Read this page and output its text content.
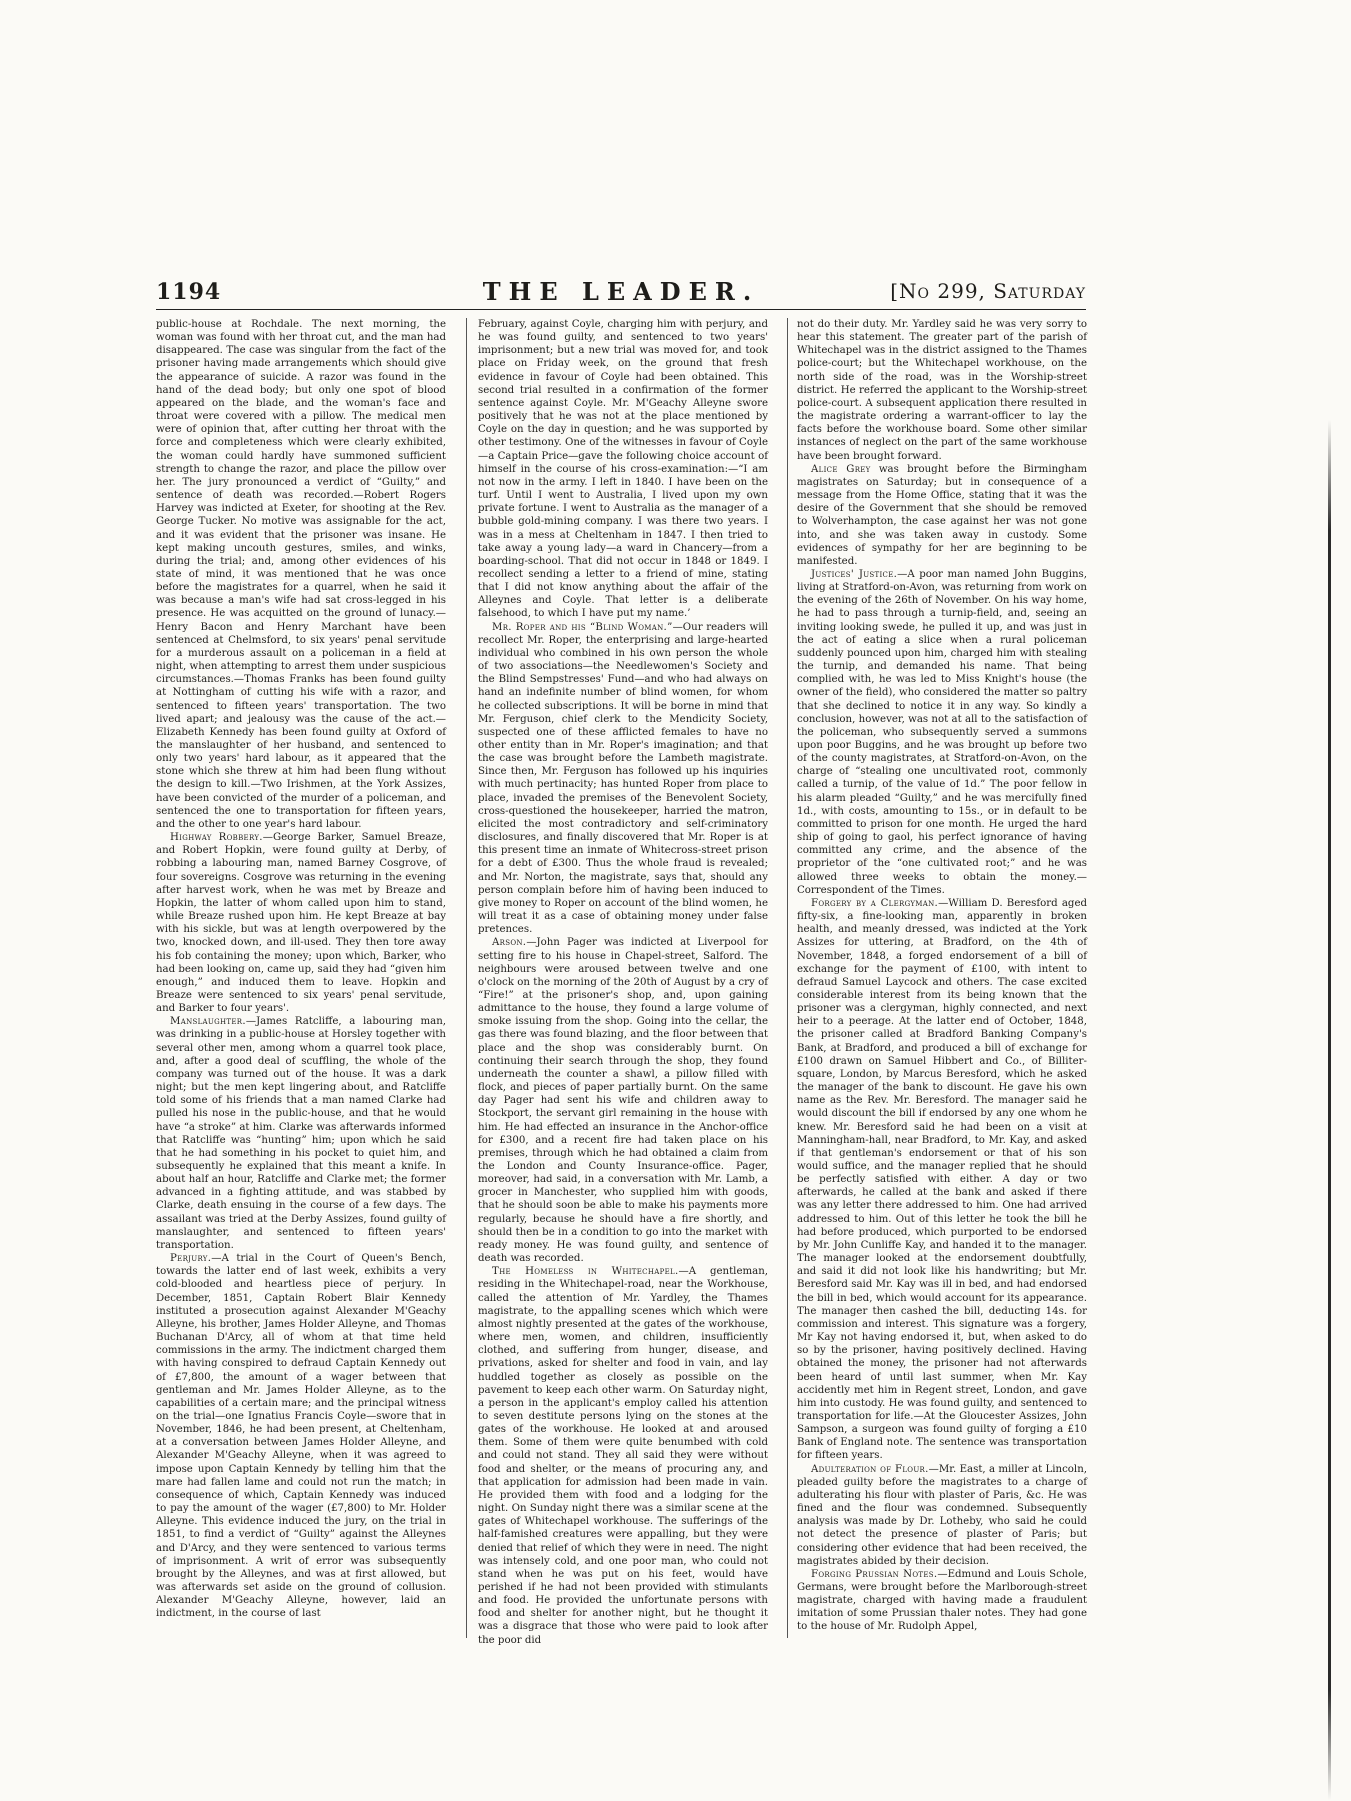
1194	THE LEADER.	[No 299, Saturday

public-house at Rochdale. The next morning, the woman was found with her throat cut, and the man had disappeared. The case was singular from the fact of the prisoner having made arrangements which should give the appearance of suicide. A razor was found in the hand of the dead body; but only one spot of blood appeared on the blade, and the woman's face and throat were covered with a pillow. The medical men were of opinion that, after cutting her throat with the force and completeness which were clearly exhibited, the woman could hardly have summoned sufficient strength to change the razor, and place the pillow over her. The jury pronounced a verdict of “Guilty,” and sentence of death was recorded.—Robert Rogers Harvey was indicted at Exeter, for shooting at the Rev. George Tucker. No motive was assignable for the act, and it was evident that the prisoner was insane. He kept making uncouth gestures, smiles, and winks, during the trial; and, among other evidences of his state of mind, it was mentioned that he was once before the magistrates for a quarrel, when he said it was because a man's wife had sat cross-legged in his presence. He was acquitted on the ground of lunacy.—Henry Bacon and Henry Marchant have been sentenced at Chelmsford, to six years' penal servitude for a murderous assault on a policeman in a field at night, when attempting to arrest them under suspicious circumstances.—Thomas Franks has been found guilty at Nottingham of cutting his wife with a razor, and sentenced to fifteen years' transportation. The two lived apart; and jealousy was the cause of the act.—Elizabeth Kennedy has been found guilty at Oxford of the manslaughter of her husband, and sentenced to only two years' hard labour, as it appeared that the stone which she threw at him had been flung without the design to kill.—Two Irishmen, at the York Assizes, have been convicted of the murder of a policeman, and sentenced the one to transportation for fifteen years, and the other to one year's hard labour.

Highway Robbery.—George Barker, Samuel Breaze, and Robert Hopkin, were found guilty at Derby, of robbing a labouring man, named Barney Cosgrove, of four sovereigns. Cosgrove was returning in the evening after harvest work, when he was met by Breaze and Hopkin, the latter of whom called upon him to stand, while Breaze rushed upon him. He kept Breaze at bay with his sickle, but was at length overpowered by the two, knocked down, and ill-used. They then tore away his fob containing the money; upon which, Barker, who had been looking on, came up, said they had “given him enough,” and induced them to leave. Hopkin and Breaze were sentenced to six years' penal servitude, and Barker to four years'.

Manslaughter.—James Ratcliffe, a labouring man, was drinking in a public-house at Horsley together with several other men, among whom a quarrel took place, and, after a good deal of scuffling, the whole of the company was turned out of the house. It was a dark night; but the men kept lingering about, and Ratcliffe told some of his friends that a man named Clarke had pulled his nose in the public-house, and that he would have “a stroke” at him. Clarke was afterwards informed that Ratcliffe was “hunting” him; upon which he said that he had something in his pocket to quiet him, and subsequently he explained that this meant a knife. In about half an hour, Ratcliffe and Clarke met; the former advanced in a fighting attitude, and was stabbed by Clarke, death ensuing in the course of a few days. The assailant was tried at the Derby Assizes, found guilty of manslaughter, and sentenced to fifteen years' transportation.

Perjury.—A trial in the Court of Queen's Bench, towards the latter end of last week, exhibits a very cold-blooded and heartless piece of perjury. In December, 1851, Captain Robert Blair Kennedy instituted a prosecution against Alexander M'Geachy Alleyne, his brother, James Holder Alleyne, and Thomas Buchanan D'Arcy, all of whom at that time held commissions in the army. The indictment charged them with having conspired to defraud Captain Kennedy out of £7,800, the amount of a wager between that gentleman and Mr. James Holder Alleyne, as to the capabilities of a certain mare; and the principal witness on the trial—one Ignatius Francis Coyle—swore that in November, 1846, he had been present, at Cheltenham, at a conversation between James Holder Alleyne, and Alexander M'Geachy Alleyne, when it was agreed to impose upon Captain Kennedy by telling him that the mare had fallen lame and could not run the match; in consequence of which, Captain Kennedy was induced to pay the amount of the wager (£7,800) to Mr. Holder Alleyne. This evidence induced the jury, on the trial in 1851, to find a verdict of “Guilty” against the Alleynes and D'Arcy, and they were sentenced to various terms of imprisonment. A writ of error was subsequently brought by the Alleynes, and was at first allowed, but was afterwards set aside on the ground of collusion. Alexander M'Geachy Alleyne, however, laid an indictment, in the course of last

February, against Coyle, charging him with perjury, and he was found guilty, and sentenced to two years' imprisonment; but a new trial was moved for, and took place on Friday week, on the ground that fresh evidence in favour of Coyle had been obtained. This second trial resulted in a confirmation of the former sentence against Coyle. Mr. M'Geachy Alleyne swore positively that he was not at the place mentioned by Coyle on the day in question; and he was supported by other testimony. One of the witnesses in favour of Coyle—a Captain Price—gave the following choice account of himself in the course of his cross-examination:—“I am not now in the army. I left in 1840. I have been on the turf. Until I went to Australia, I lived upon my own private fortune. I went to Australia as the manager of a bubble gold-mining company. I was there two years. I was in a mess at Cheltenham in 1847. I then tried to take away a young lady—a ward in Chancery—from a boarding-school. That did not occur in 1848 or 1849. I recollect sending a letter to a friend of mine, stating that I did not know anything about the affair of the Alleynes and Coyle. That letter is a deliberate falsehood, to which I have put my name.’

Mr. Roper and his “Blind Woman.”—Our readers will recollect Mr. Roper, the enterprising and large-hearted individual who combined in his own person the whole of two associations—the Needlewomen's Society and the Blind Sempstresses' Fund—and who had always on hand an indefinite number of blind women, for whom he collected subscriptions. It will be borne in mind that Mr. Ferguson, chief clerk to the Mendicity Society, suspected one of these afflicted females to have no other entity than in Mr. Roper's imagination; and that the case was brought before the Lambeth magistrate. Since then, Mr. Ferguson has followed up his inquiries with much pertinacity; has hunted Roper from place to place, invaded the premises of the Benevolent Society, cross-questioned the housekeeper, harried the matron, elicited the most contradictory and self-criminatory disclosures, and finally discovered that Mr. Roper is at this present time an inmate of Whitecross-street prison for a debt of £300. Thus the whole fraud is revealed; and Mr. Norton, the magistrate, says that, should any person complain before him of having been induced to give money to Roper on account of the blind women, he will treat it as a case of obtaining money under false pretences.

Arson.—John Pager was indicted at Liverpool for setting fire to his house in Chapel-street, Salford. The neighbours were aroused between twelve and one o'clock on the morning of the 20th of August by a cry of “Fire!” at the prisoner's shop, and, upon gaining admittance to the house, they found a large volume of smoke issuing from the shop. Going into the cellar, the gas there was found blazing, and the floor between that place and the shop was considerably burnt. On continuing their search through the shop, they found underneath the counter a shawl, a pillow filled with flock, and pieces of paper partially burnt. On the same day Pager had sent his wife and children away to Stockport, the servant girl remaining in the house with him. He had effected an insurance in the Anchor-office for £300, and a recent fire had taken place on his premises, through which he had obtained a claim from the London and County Insurance-office. Pager, moreover, had said, in a conversation with Mr. Lamb, a grocer in Manchester, who supplied him with goods, that he should soon be able to make his payments more regularly, because he should have a fire shortly, and should then be in a condition to go into the market with ready money. He was found guilty, and sentence of death was recorded.

The Homeless in Whitechapel.—A gentleman, residing in the Whitechapel-road, near the Workhouse, called the attention of Mr. Yardley, the Thames magistrate, to the appalling scenes which which were almost nightly presented at the gates of the workhouse, where men, women, and children, insufficiently clothed, and suffering from hunger, disease, and privations, asked for shelter and food in vain, and lay huddled together as closely as possible on the pavement to keep each other warm. On Saturday night, a person in the applicant's employ called his attention to seven destitute persons lying on the stones at the gates of the workhouse. He looked at and aroused them. Some of them were quite benumbed with cold and could not stand. They all said they were without food and shelter, or the means of procuring any, and that application for admission had been made in vain. He provided them with food and a lodging for the night. On Sunday night there was a similar scene at the gates of Whitechapel workhouse. The sufferings of the half-famished creatures were appalling, but they were denied that relief of which they were in need. The night was intensely cold, and one poor man, who could not stand when he was put on his feet, would have perished if he had not been provided with stimulants and food. He provided the unfortunate persons with food and shelter for another night, but he thought it was a disgrace that those who were paid to look after the poor did

not do their duty. Mr. Yardley said he was very sorry to hear this statement. The greater part of the parish of Whitechapel was in the district assigned to the Thames police-court; but the Whitechapel workhouse, on the north side of the road, was in the Worship-street district. He referred the applicant to the Worship-street police-court. A subsequent application there resulted in the magistrate ordering a warrant-officer to lay the facts before the workhouse board. Some other similar instances of neglect on the part of the same workhouse have been brought forward.

Alice Grey was brought before the Birmingham magistrates on Saturday; but in consequence of a message from the Home Office, stating that it was the desire of the Government that she should be removed to Wolverhampton, the case against her was not gone into, and she was taken away in custody. Some evidences of sympathy for her are beginning to be manifested.

Justices' Justice.—A poor man named John Buggins, living at Stratford-on-Avon, was returning from work on the evening of the 26th of November. On his way home, he had to pass through a turnip-field, and, seeing an inviting looking swede, he pulled it up, and was just in the act of eating a slice when a rural policeman suddenly pounced upon him, charged him with stealing the turnip, and demanded his name. That being complied with, he was led to Miss Knight's house (the owner of the field), who considered the matter so paltry that she declined to notice it in any way. So kindly a conclusion, however, was not at all to the satisfaction of the policeman, who subsequently served a summons upon poor Buggins, and he was brought up before two of the county magistrates, at Stratford-on-Avon, on the charge of “stealing one uncultivated root, commonly called a turnip, of the value of 1d.” The poor fellow in his alarm pleaded “Guilty,” and he was mercifully fined 1d., with costs, amounting to 15s., or in default to be committed to prison for one month. He urged the hard ship of going to gaol, his perfect ignorance of having committed any crime, and the absence of the proprietor of the “one cultivated root;” and he was allowed three weeks to obtain the money.—Correspondent of the Times.

Forgery by a Clergyman.—William D. Beresford aged fifty-six, a fine-looking man, apparently in broken health, and meanly dressed, was indicted at the York Assizes for uttering, at Bradford, on the 4th of November, 1848, a forged endorsement of a bill of exchange for the payment of £100, with intent to defraud Samuel Laycock and others. The case excited considerable interest from its being known that the prisoner was a clergyman, highly connected, and next heir to a peerage. At the latter end of October, 1848, the prisoner called at Bradford Banking Company's Bank, at Bradford, and produced a bill of exchange for £100 drawn on Samuel Hibbert and Co., of Billiter-square, London, by Marcus Beresford, which he asked the manager of the bank to discount. He gave his own name as the Rev. Mr. Beresford. The manager said he would discount the bill if endorsed by any one whom he knew. Mr. Beresford said he had been on a visit at Manningham-hall, near Bradford, to Mr. Kay, and asked if that gentleman's endorsement or that of his son would suffice, and the manager replied that he should be perfectly satisfied with either. A day or two afterwards, he called at the bank and asked if there was any letter there addressed to him. One had arrived addressed to him. Out of this letter he took the bill he had before produced, which purported to be endorsed by Mr. John Cunliffe Kay, and handed it to the manager. The manager looked at the endorsement doubtfully, and said it did not look like his handwriting; but Mr. Beresford said Mr. Kay was ill in bed, and had endorsed the bill in bed, which would account for its appearance. The manager then cashed the bill, deducting 14s. for commission and interest. This signature was a forgery, Mr Kay not having endorsed it, but, when asked to do so by the prisoner, having positively declined. Having obtained the money, the prisoner had not afterwards been heard of until last summer, when Mr. Kay accidently met him in Regent street, London, and gave him into custody. He was found guilty, and sentenced to transportation for life.—At the Gloucester Assizes, John Sampson, a surgeon was found guilty of forging a £10 Bank of England note. The sentence was transportation for fifteen years.

Adulteration of Flour.—Mr. East, a miller at Lincoln, pleaded guilty before the magistrates to a charge of adulterating his flour with plaster of Paris, &c. He was fined and the flour was condemned. Subsequently analysis was made by Dr. Lotheby, who said he could not detect the presence of plaster of Paris; but considering other evidence that had been received, the magistrates abided by their decision.

Forging Prussian Notes.—Edmund and Louis Schole, Germans, were brought before the Marlborough-street magistrate, charged with having made a fraudulent imitation of some Prussian thaler notes. They had gone to the house of Mr. Rudolph Appel,
